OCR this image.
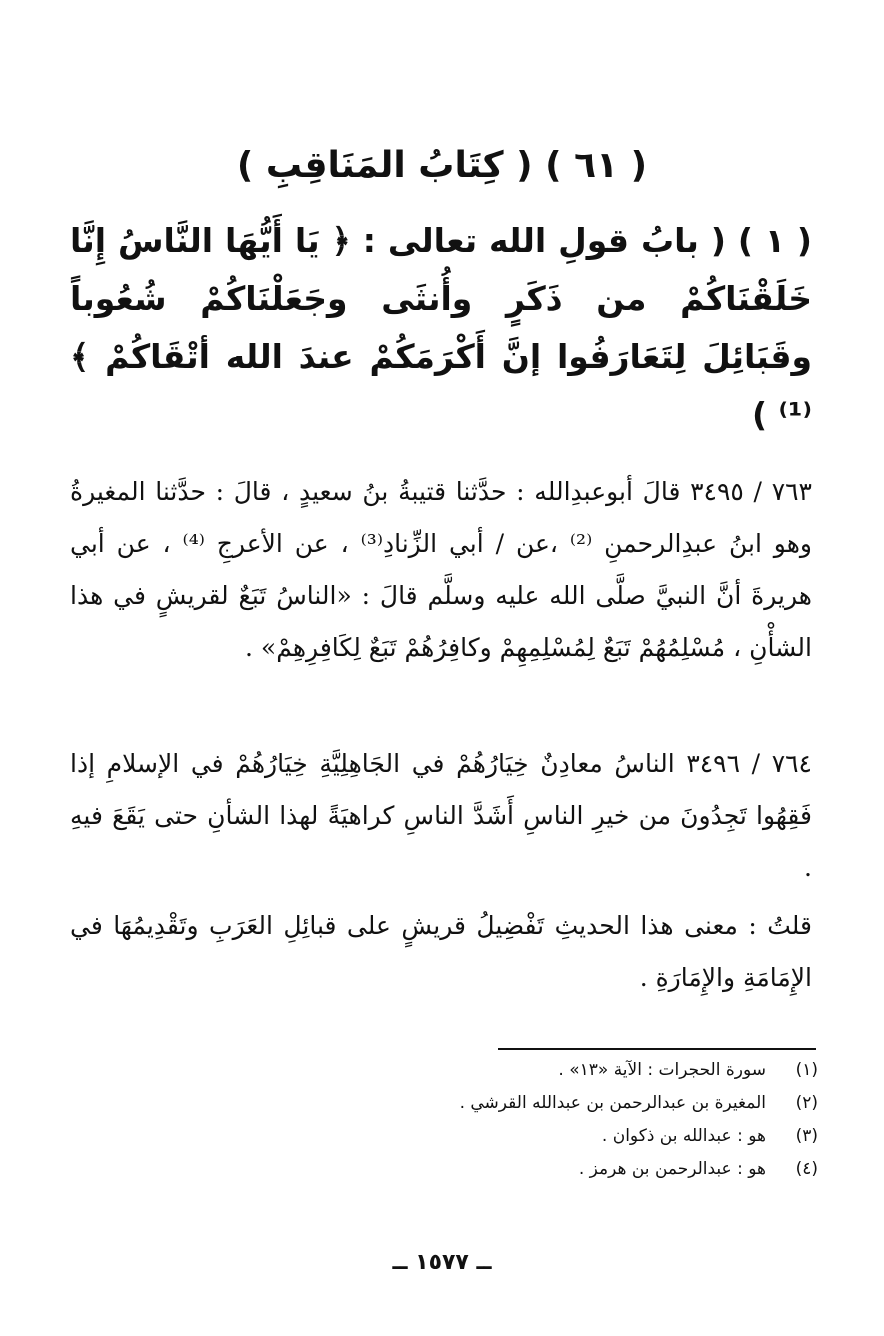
( ٦١ ) ( كِتَابُ المَنَاقِبِ )

( ١ ) ( بابُ قولِ الله تعالى : ﴿ يَا أَيُّهَا النَّاسُ إِنَّا خَلَقْنَاكُمْ من ذَكَرٍ وأُنثَى وجَعَلْنَاكُمْ شُعُوباً وقَبَائِلَ لِتَعَارَفُوا إنَّ أَكْرَمَكُمْ عندَ الله أتْقَاكُمْ ﴾ ⁽¹⁾ )

٧٦٣ / ٣٤٩٥ قالَ أبوعبدِالله : حدَّثنا قتيبةُ بنُ سعيدٍ ، قالَ : حدَّثنا المغيرةُ وهو ابنُ عبدِالرحمنِ ⁽²⁾ ،عن / أبي الزِّنادِ⁽³⁾ ، عن الأعرجِ ⁽⁴⁾ ، عن أبي هريرةَ أنَّ النبيَّ صلَّى الله عليه وسلَّم قالَ : «الناسُ تَبَعٌ لقريشٍ في هذا الشأْنِ ، مُسْلِمُهُمْ تَبَعٌ لِمُسْلِمِهِمْ وكافِرُهُمْ تَبَعٌ لِكَافِرِهِمْ» .

٧٦٤ / ٣٤٩٦ الناسُ معادِنٌ خِيَارُهُمْ في الجَاهِلِيَّةِ خِيَارُهُمْ في الإسلامِ إذا فَقِهُوا تَجِدُونَ من خيرِ الناسِ أَشَدَّ الناسِ كراهيَةً لهذا الشأنِ حتى يَقَعَ فيهِ .

قلتُ : معنى هذا الحديثِ تَفْضِيلُ قريشٍ على قبائِلِ العَرَبِ وتَقْدِيمُهَا في الإِمَامَةِ والإِمَارَةِ .

(١)
سورة الحجرات : الآية «١٣» .
(٢)
المغيرة بن عبدالرحمن بن عبدالله القرشي .
(٣)
هو : عبدالله بن ذكوان .
(٤)
هو : عبدالرحمن بن هرمز .
ــ ١٥٧٧ ــ
